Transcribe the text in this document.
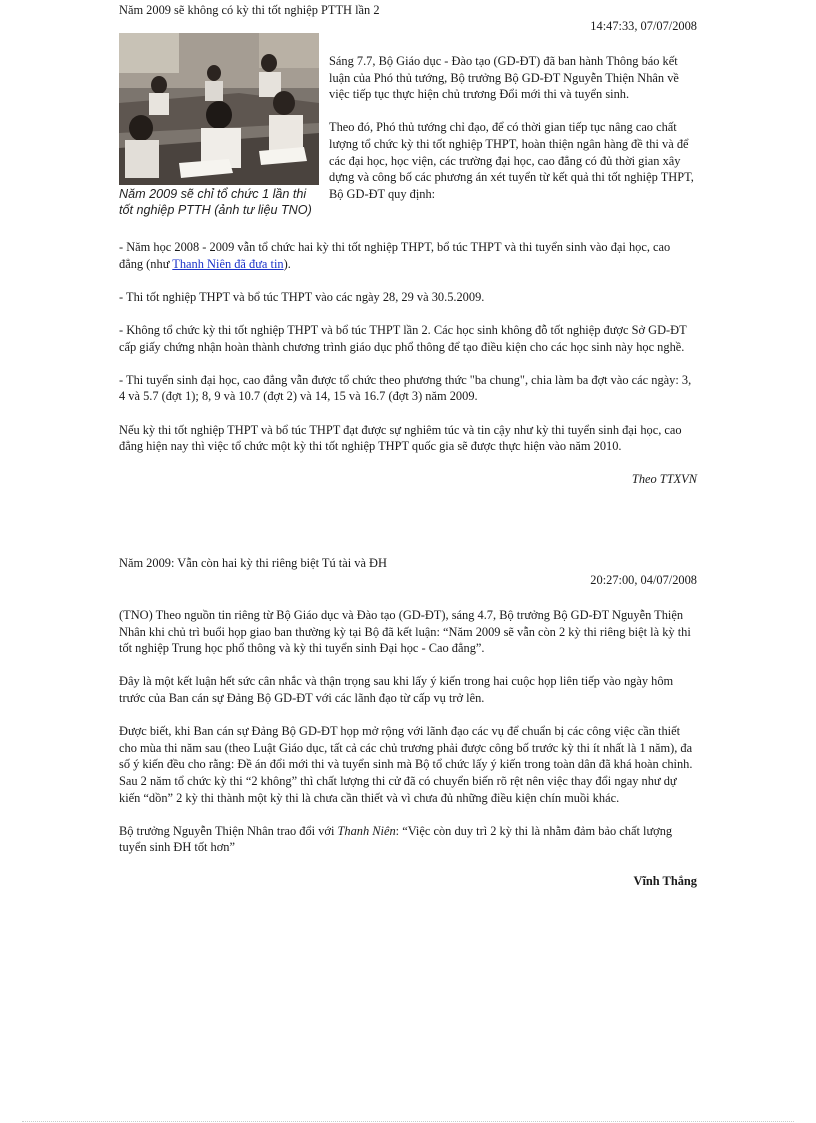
Năm 2009 sẽ không có kỳ thi tốt nghiệp PTTH lần 2
14:47:33, 07/07/2008
Năm 2009 sẽ chỉ tổ chức 1 lần thi tốt nghiệp PTTH (ảnh tư liệu TNO)

Sáng 7.7, Bộ Giáo dục - Đào tạo (GD-ĐT) đã ban hành Thông báo kết luận của Phó thủ tướng, Bộ trưởng Bộ GD-ĐT Nguyễn Thiện Nhân về việc tiếp tục thực hiện chủ trương Đổi mới thi và tuyển sinh.

Theo đó, Phó thủ tướng chỉ đạo, để có thời gian tiếp tục nâng cao chất lượng tổ chức kỳ thi tốt nghiệp THPT, hoàn thiện ngân hàng đề thi và để các đại học, học viện, các trường đại học, cao đẳng có đủ thời gian xây dựng và công bố các phương án xét tuyển từ kết quả thi tốt nghiệp THPT, Bộ GD-ĐT quy định:

- Năm học 2008 - 2009 vẫn tổ chức hai kỳ thi tốt nghiệp THPT, bổ túc THPT và thi tuyển sinh vào đại học, cao đẳng (như Thanh Niên đã đưa tin).

- Thi tốt nghiệp THPT và bổ túc THPT vào các ngày 28, 29 và 30.5.2009.

- Không tổ chức kỳ thi tốt nghiệp THPT và bổ túc THPT lần 2. Các học sinh không đỗ tốt nghiệp được Sở GD-ĐT cấp giấy chứng nhận hoàn thành chương trình giáo dục phổ thông để tạo điều kiện cho các học sinh này học nghề.

- Thi tuyển sinh đại học, cao đẳng vẫn được tổ chức theo phương thức "ba chung", chia làm ba đợt vào các ngày: 3, 4 và 5.7 (đợt 1); 8, 9 và 10.7 (đợt 2) và 14, 15 và 16.7 (đợt 3) năm 2009.

Nếu kỳ thi tốt nghiệp THPT và bổ túc THPT đạt được sự nghiêm túc và tin cậy như kỳ thi tuyển sinh đại học, cao đẳng hiện nay thì việc tổ chức một kỳ thi tốt nghiệp THPT quốc gia sẽ được thực hiện vào năm 2010.

Theo TTXVN

Năm 2009: Vẫn còn hai kỳ thi riêng biệt Tú tài và ĐH
20:27:00, 04/07/2008

(TNO) Theo nguồn tin riêng từ Bộ Giáo dục và Đào tạo (GD-ĐT), sáng 4.7, Bộ trưởng Bộ GD-ĐT Nguyễn Thiện Nhân khi chủ trì buổi họp giao ban thường kỳ tại Bộ đã kết luận: “Năm 2009 sẽ vẫn còn 2 kỳ thi riêng biệt là kỳ thi tốt nghiệp Trung học phổ thông và kỳ thi tuyển sinh Đại học - Cao đẳng”.

Đây là một kết luận hết sức cân nhắc và thận trọng sau khi lấy ý kiến trong hai cuộc họp liên tiếp vào ngày hôm trước của Ban cán sự Đảng Bộ GD-ĐT với các lãnh đạo từ cấp vụ trở lên.

Được biết, khi Ban cán sự Đảng Bộ GD-ĐT họp mở rộng với lãnh đạo các vụ để chuẩn bị các công việc cần thiết cho mùa thi năm sau (theo Luật Giáo dục, tất cả các chủ trương phải được công bố trước kỳ thi ít nhất là 1 năm), đa số ý kiến đều cho rằng: Đề án đổi mới thi và tuyển sinh mà Bộ tổ chức lấy ý kiến trong toàn dân đã khá hoàn chỉnh. Sau 2 năm tổ chức kỳ thi “2 không” thì chất lượng thi cử đã có chuyển biến rõ rệt nên việc thay đổi ngay như dự kiến “dồn” 2 kỳ thi thành một kỳ thi là chưa cần thiết và vì chưa đủ những điều kiện chín muồi khác.

Bộ trưởng Nguyễn Thiện Nhân trao đổi với Thanh Niên: “Việc còn duy trì 2 kỳ thi là nhằm đảm bảo chất lượng tuyển sinh ĐH tốt hơn”

Vĩnh Thắng
